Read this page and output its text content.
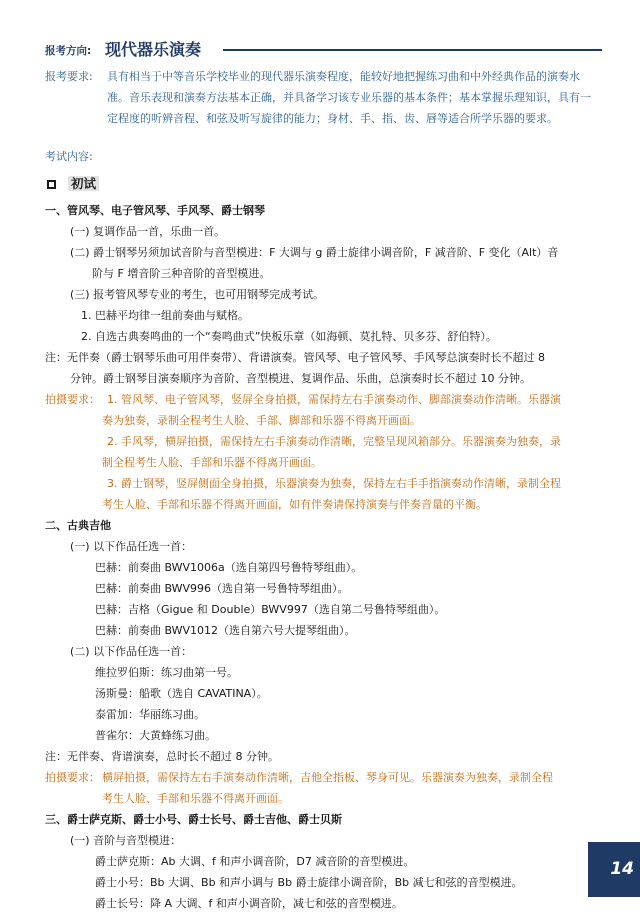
报考方向: 现代器乐演奏
报考要求: 具有相当于中等音乐学校毕业的现代器乐演奏程度，能较好地把握练习曲和中外经典作品的演奏水准。音乐表现和演奏方法基本正确，并具备学习该专业乐器的基本条件；基本掌握乐理知识，具有一定程度的听辨音程、和弦及听写旋律的能力；身材、手、指、齿、唇等适合所学乐器的要求。
考试内容:
初试
一、管风琴、电子管风琴、手风琴、爵士钢琴
(一) 复调作品一首，乐曲一首。
(二) 爵士钢琴另须加试音阶与音型模进：F 大调与 g 爵士旋律小调音阶，F 减音阶、F 变化（Alt）音
阶与 F 增音阶三种音阶的音型模进。
(三) 报考管风琴专业的考生，也可用钢琴完成考试。
1. 巴赫平均律一组前奏曲与赋格。
2. 自选古典奏鸣曲的一个“奏鸣曲式”快板乐章（如海顿、莫扎特、贝多芬、舒伯特）。
注：无伴奏（爵士钢琴乐曲可用伴奏带）、背谱演奏。管风琴、电子管风琴、手风琴总演奏时长不超过 8
分钟。爵士钢琴目演奏顺序为音阶、音型模进、复调作品、乐曲，总演奏时长不超过 10 分钟。
拍摄要求： 1. 管风琴、电子管风琴，竖屏全身拍摄，需保持左右手演奏动作、脚部演奏动作清晰。乐器演
奏为独奏，录制全程考生人脸、手部、脚部和乐器不得离开画面。
2. 手风琴，横屏拍摄，需保持左右手演奏动作清晰，完整呈现风箱部分。乐器演奏为独奏，录
制全程考生人脸、手部和乐器不得离开画面。
3. 爵士钢琴，竖屏侧面全身拍摄，乐器演奏为独奏，保持左右手手指演奏动作清晰，录制全程
考生人脸、手部和乐器不得离开画面，如有伴奏请保持演奏与伴奏音量的平衡。
二、古典吉他
(一) 以下作品任选一首：
巴赫：前奏曲 BWV1006a（选自第四号鲁特琴组曲）。
巴赫：前奏曲 BWV996（选自第一号鲁特琴组曲）。
巴赫：吉格（Gigue 和 Double）BWV997（选自第二号鲁特琴组曲）。
巴赫：前奏曲 BWV1012（选自第六号大提琴组曲）。
(二) 以下作品任选一首：
维拉罗伯斯：练习曲第一号。
汤斯曼：船歌（选自 CAVATINA）。
泰雷加：华丽练习曲。
普雀尔：大黄蜂练习曲。
注：无伴奏、背谱演奏，总时长不超过 8 分钟。
拍摄要求： 横屏拍摄，需保持左右手演奏动作清晰，吉他全指板、琴身可见。乐器演奏为独奏，录制全程
考生人脸、手部和乐器不得离开画面。
三、爵士萨克斯、爵士小号、爵士长号、爵士吉他、爵士贝斯
(一) 音阶与音型模进：
爵士萨克斯：Ab 大调、f 和声小调音阶，D7 减音阶的音型模进。
爵士小号：Bb 大调、Bb 和声小调与 Bb 爵士旋律小调音阶，Bb 减七和弦的音型模进。
爵士长号：降 A 大调、f 和声小调音阶，减七和弦的音型模进。
14
